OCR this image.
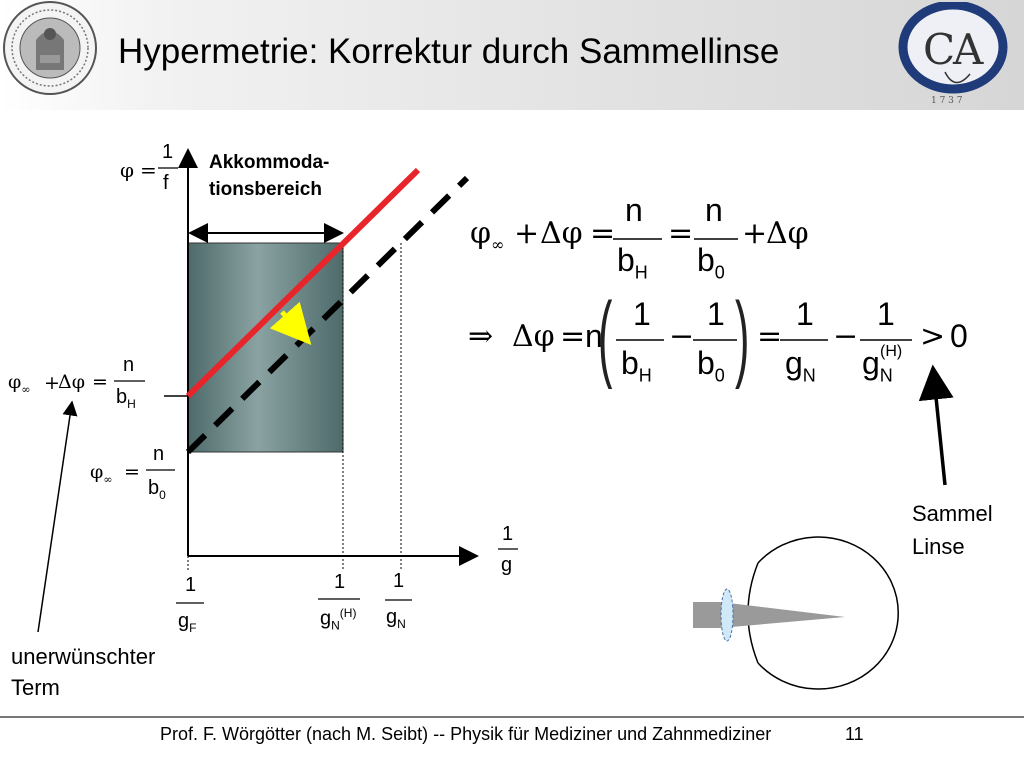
C
A
1 7 3 7
Hypermetrie: Korrektur durch Sammellinse
Akkommoda-
tionsbereich
φ =
1
f
1
g
$\varphi_\infty$ +
Δφ =
n
$b_H$
$\varphi_\infty$ =
n
$b_0$
1
$g_F$
1
$g_N^{(H)}$
1
$g_N$
unerwünschter
Term
Sammel
Linse
$\varphi_\infty + \Delta\varphi$ =
n
$b_H$
=
n
$b_0$
+
Δφ
⇒ Δφ = n
( 1
$b_H$
−
1
$b_0$ ) =
1
$g_N$
−
1
$g_N$
(H) > 0
Prof. F. Wörgötter (nach M. Seibt) -- Physik für Mediziner und Zahnmediziner	11
